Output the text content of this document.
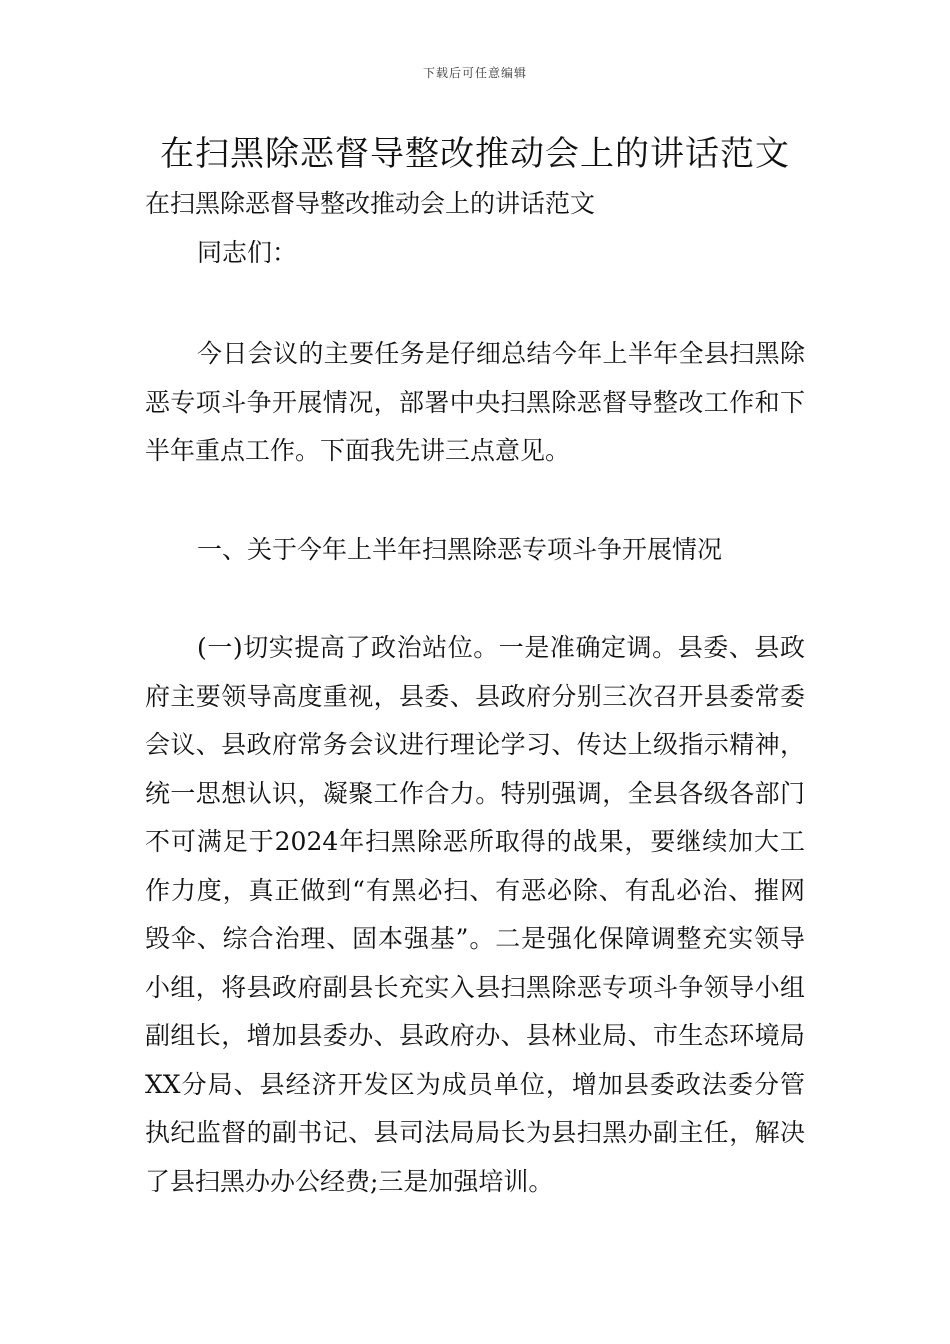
下载后可任意编辑
在扫黑除恶督导整改推动会上的讲话范文

在扫黑除恶督导整改推动会上的讲话范文

同志们：

今日会议的主要任务是仔细总结今年上半年全县扫黑除恶专项斗争开展情况，部署中央扫黑除恶督导整改工作和下半年重点工作。下面我先讲三点意见。

一、关于今年上半年扫黑除恶专项斗争开展情况

(一)切实提高了政治站位。一是准确定调。县委、县政府主要领导高度重视，县委、县政府分别三次召开县委常委会议、县政府常务会议进行理论学习、传达上级指示精神，统一思想认识，凝聚工作合力。特别强调，全县各级各部门不可满足于2024年扫黑除恶所取得的战果，要继续加大工作力度，真正做到“有黑必扫、有恶必除、有乱必治、摧网毁伞、综合治理、固本强基”。二是强化保障调整充实领导小组，将县政府副县长充实入县扫黑除恶专项斗争领导小组副组长，增加县委办、县政府办、县林业局、市生态环境局XX分局、县经济开发区为成员单位，增加县委政法委分管执纪监督的副书记、县司法局局长为县扫黑办副主任，解决了县扫黑办办公经费;三是加强培训。
